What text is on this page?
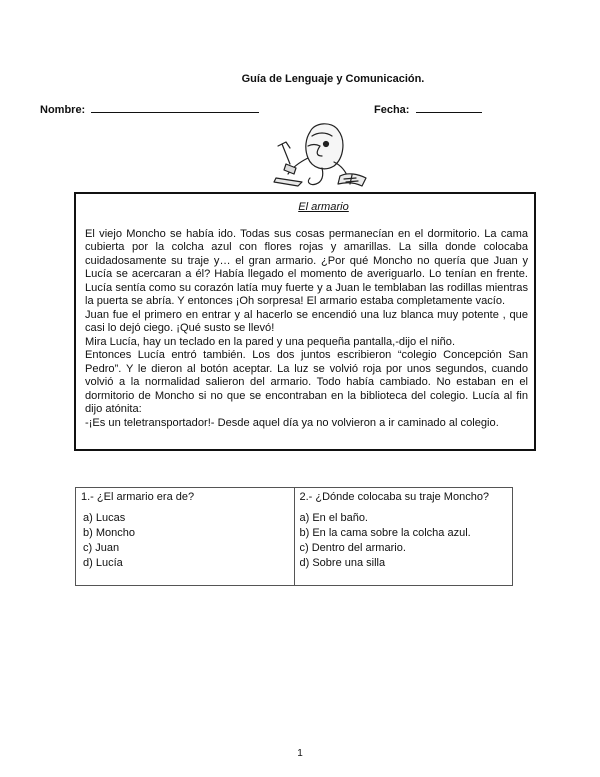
Guía de Lenguaje y Comunicación.
Nombre:	Fecha:
El armario

El viejo Moncho se había ido. Todas sus cosas permanecían en el dormitorio. La cama cubierta por la colcha azul con flores rojas y amarillas. La silla donde colocaba cuidadosamente su traje y… el gran armario. ¿Por qué Moncho no quería que Juan y Lucía se acercaran a él? Había llegado el momento de averiguarlo. Lo tenían en frente. Lucía sentía como su corazón latía muy fuerte y a Juan le temblaban las rodillas mientras la puerta se abría. Y entonces ¡Oh sorpresa! El armario estaba completamente vacío.

Juan fue el primero en entrar y al hacerlo se encendió una luz blanca muy potente , que casi lo dejó ciego. ¡Qué susto se llevó!

Mira Lucía, hay un teclado en la pared y una pequeña pantalla,-dijo el niño.

Entonces Lucía entró también. Los dos juntos escribieron “colegio Concepción San Pedro”. Y le dieron al botón aceptar. La luz se volvió roja por unos segundos, cuando volvió a la normalidad salieron del armario. Todo había cambiado. No estaban en el dormitorio de Moncho si no que se encontraban en la biblioteca del colegio. Lucía al fin dijo atónita:

-¡Es un teletransportador!- Desde aquel día ya no volvieron a ir caminado al colegio.

1.- ¿El armario era de?
a) Lucas
b) Moncho
c) Juan
d) Lucía

2.- ¿Dónde colocaba su traje Moncho?
a) En el baño.
b) En la cama sobre la colcha azul.
c) Dentro del armario.
d) Sobre una silla
1
